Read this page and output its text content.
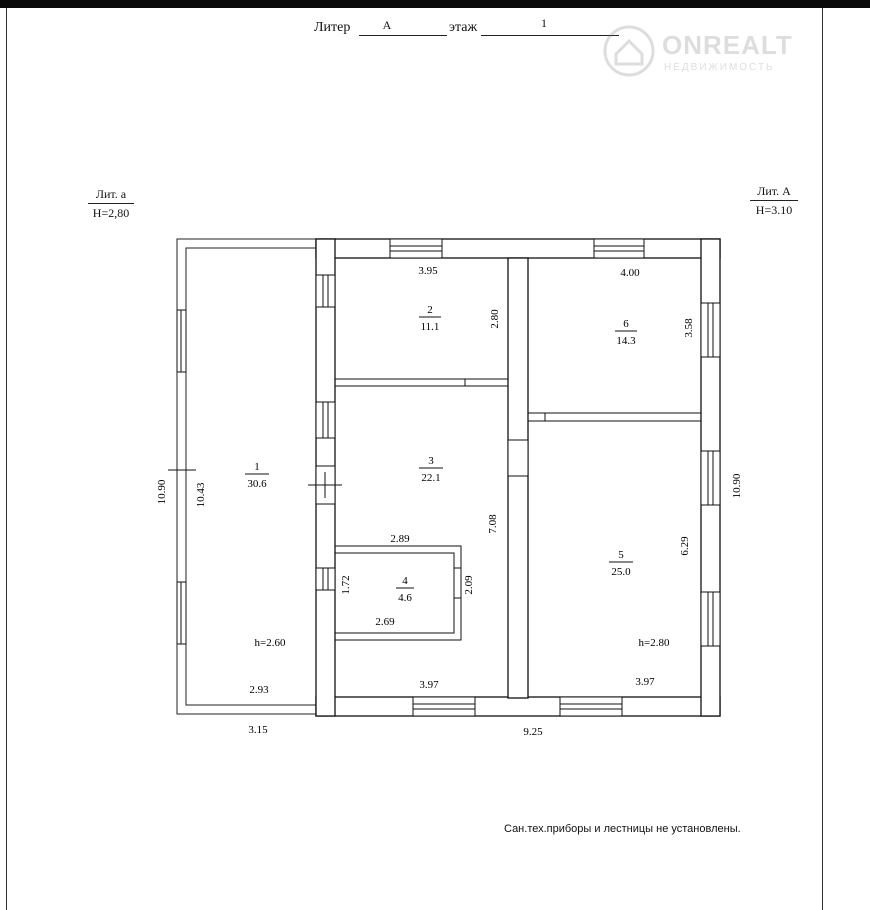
Литер	А	этаж	1
ONREALT
НЕДВИЖИМОСТЬ
Лит. а
H=2,80
Лит. А
H=3.10
1
30.6
2
11.1
3
22.1
4
4.6
5
25.0
6
14.3
3.95
2.80
4.00
3.58
7.08
2.89
2.69
1.72	2.09
6.29
2.93	3.97	3.97
10.90 10.43	10.90
3.15	9.25
h=2.60	h=2.80
Сан.тех.приборы и лестницы не установлены.
